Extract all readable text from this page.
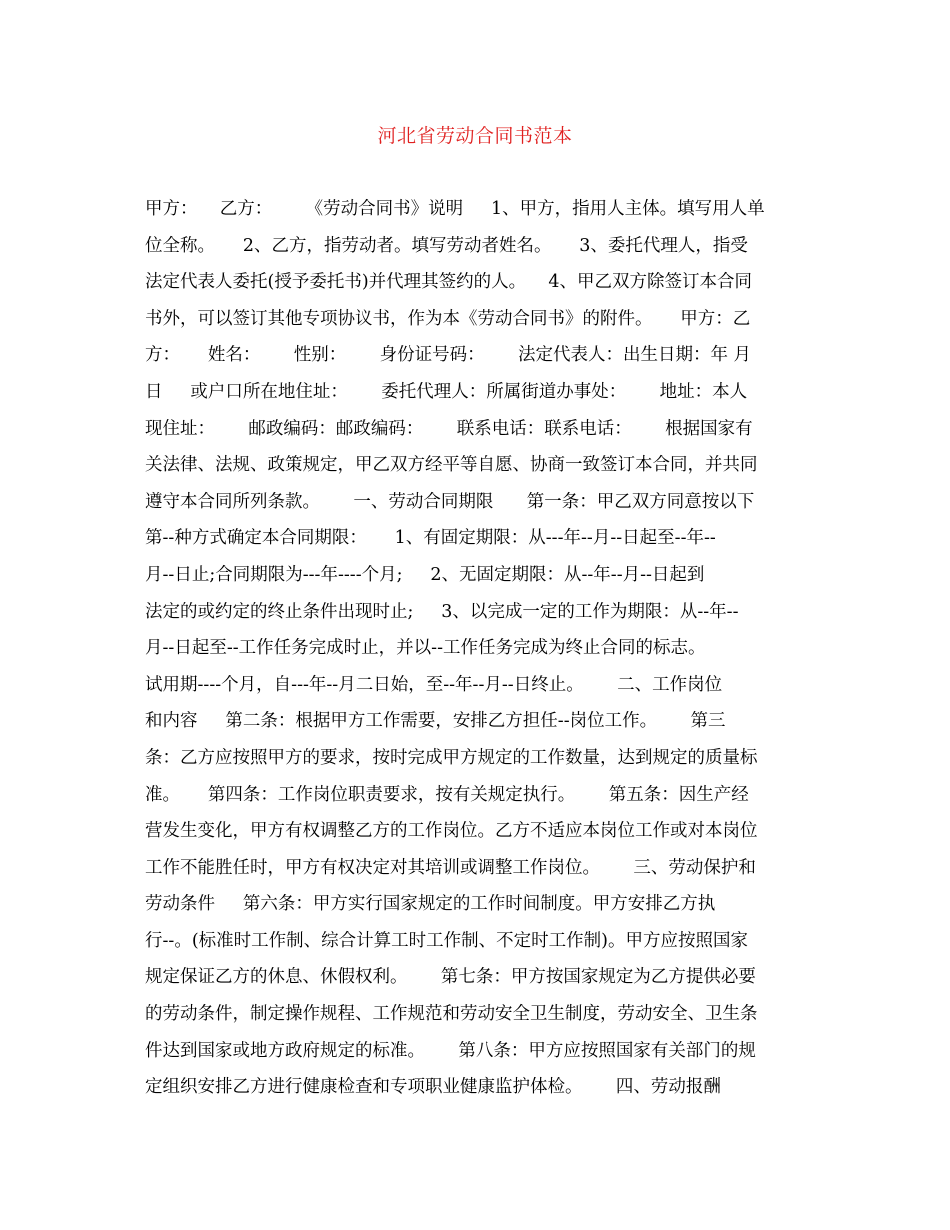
河北省劳动合同书范本
甲方：    乙方：      《劳动合同书》说明     1、甲方，指用人主体。填写用人单
位全称。     2、乙方，指劳动者。填写劳动者姓名。     3、委托代理人，指受
法定代表人委托(授予委托书)并代理其签约的人。    4、甲乙双方除签订本合同
书外，可以签订其他专项协议书，作为本《劳动合同书》的附件。     甲方：乙
方：     姓名：      性别：      身份证号码：      法定代表人：出生日期：年 月
日     或户口所在地住址：      委托代理人：所属街道办事处：      地址：本人
现住址：      邮政编码：邮政编码：      联系电话：联系电话：      根据国家有
关法律、法规、政策规定，甲乙双方经平等自愿、协商一致签订本合同，并共同
遵守本合同所列条款。      一、劳动合同期限      第一条：甲乙双方同意按以下
第--种方式确定本合同期限：     1、有固定期限：从---年--月--日起至--年--
月--日止;合同期限为---年----个月;     2、无固定期限：从--年--月--日起到
法定的或约定的终止条件出现时止;     3、以完成一定的工作为期限：从--年--
月--日起至--工作任务完成时止，并以--工作任务完成为终止合同的标志。
试用期----个月，自---年--月二日始，至--年--月--日终止。      二、工作岗位
和内容     第二条：根据甲方工作需要，安排乙方担任--岗位工作。      第三
条：乙方应按照甲方的要求，按时完成甲方规定的工作数量，达到规定的质量标
准。     第四条：工作岗位职责要求，按有关规定执行。      第五条：因生产经
营发生变化，甲方有权调整乙方的工作岗位。乙方不适应本岗位工作或对本岗位
工作不能胜任时，甲方有权决定对其培训或调整工作岗位。      三、劳动保护和
劳动条件     第六条：甲方实行国家规定的工作时间制度。甲方安排乙方执
行--。(标准时工作制、综合计算工时工作制、不定时工作制)。甲方应按照国家
规定保证乙方的休息、休假权利。      第七条：甲方按国家规定为乙方提供必要
的劳动条件，制定操作规程、工作规范和劳动安全卫生制度，劳动安全、卫生条
件达到国家或地方政府规定的标准。      第八条：甲方应按照国家有关部门的规
定组织安排乙方进行健康检查和专项职业健康监护体检。      四、劳动报酬
